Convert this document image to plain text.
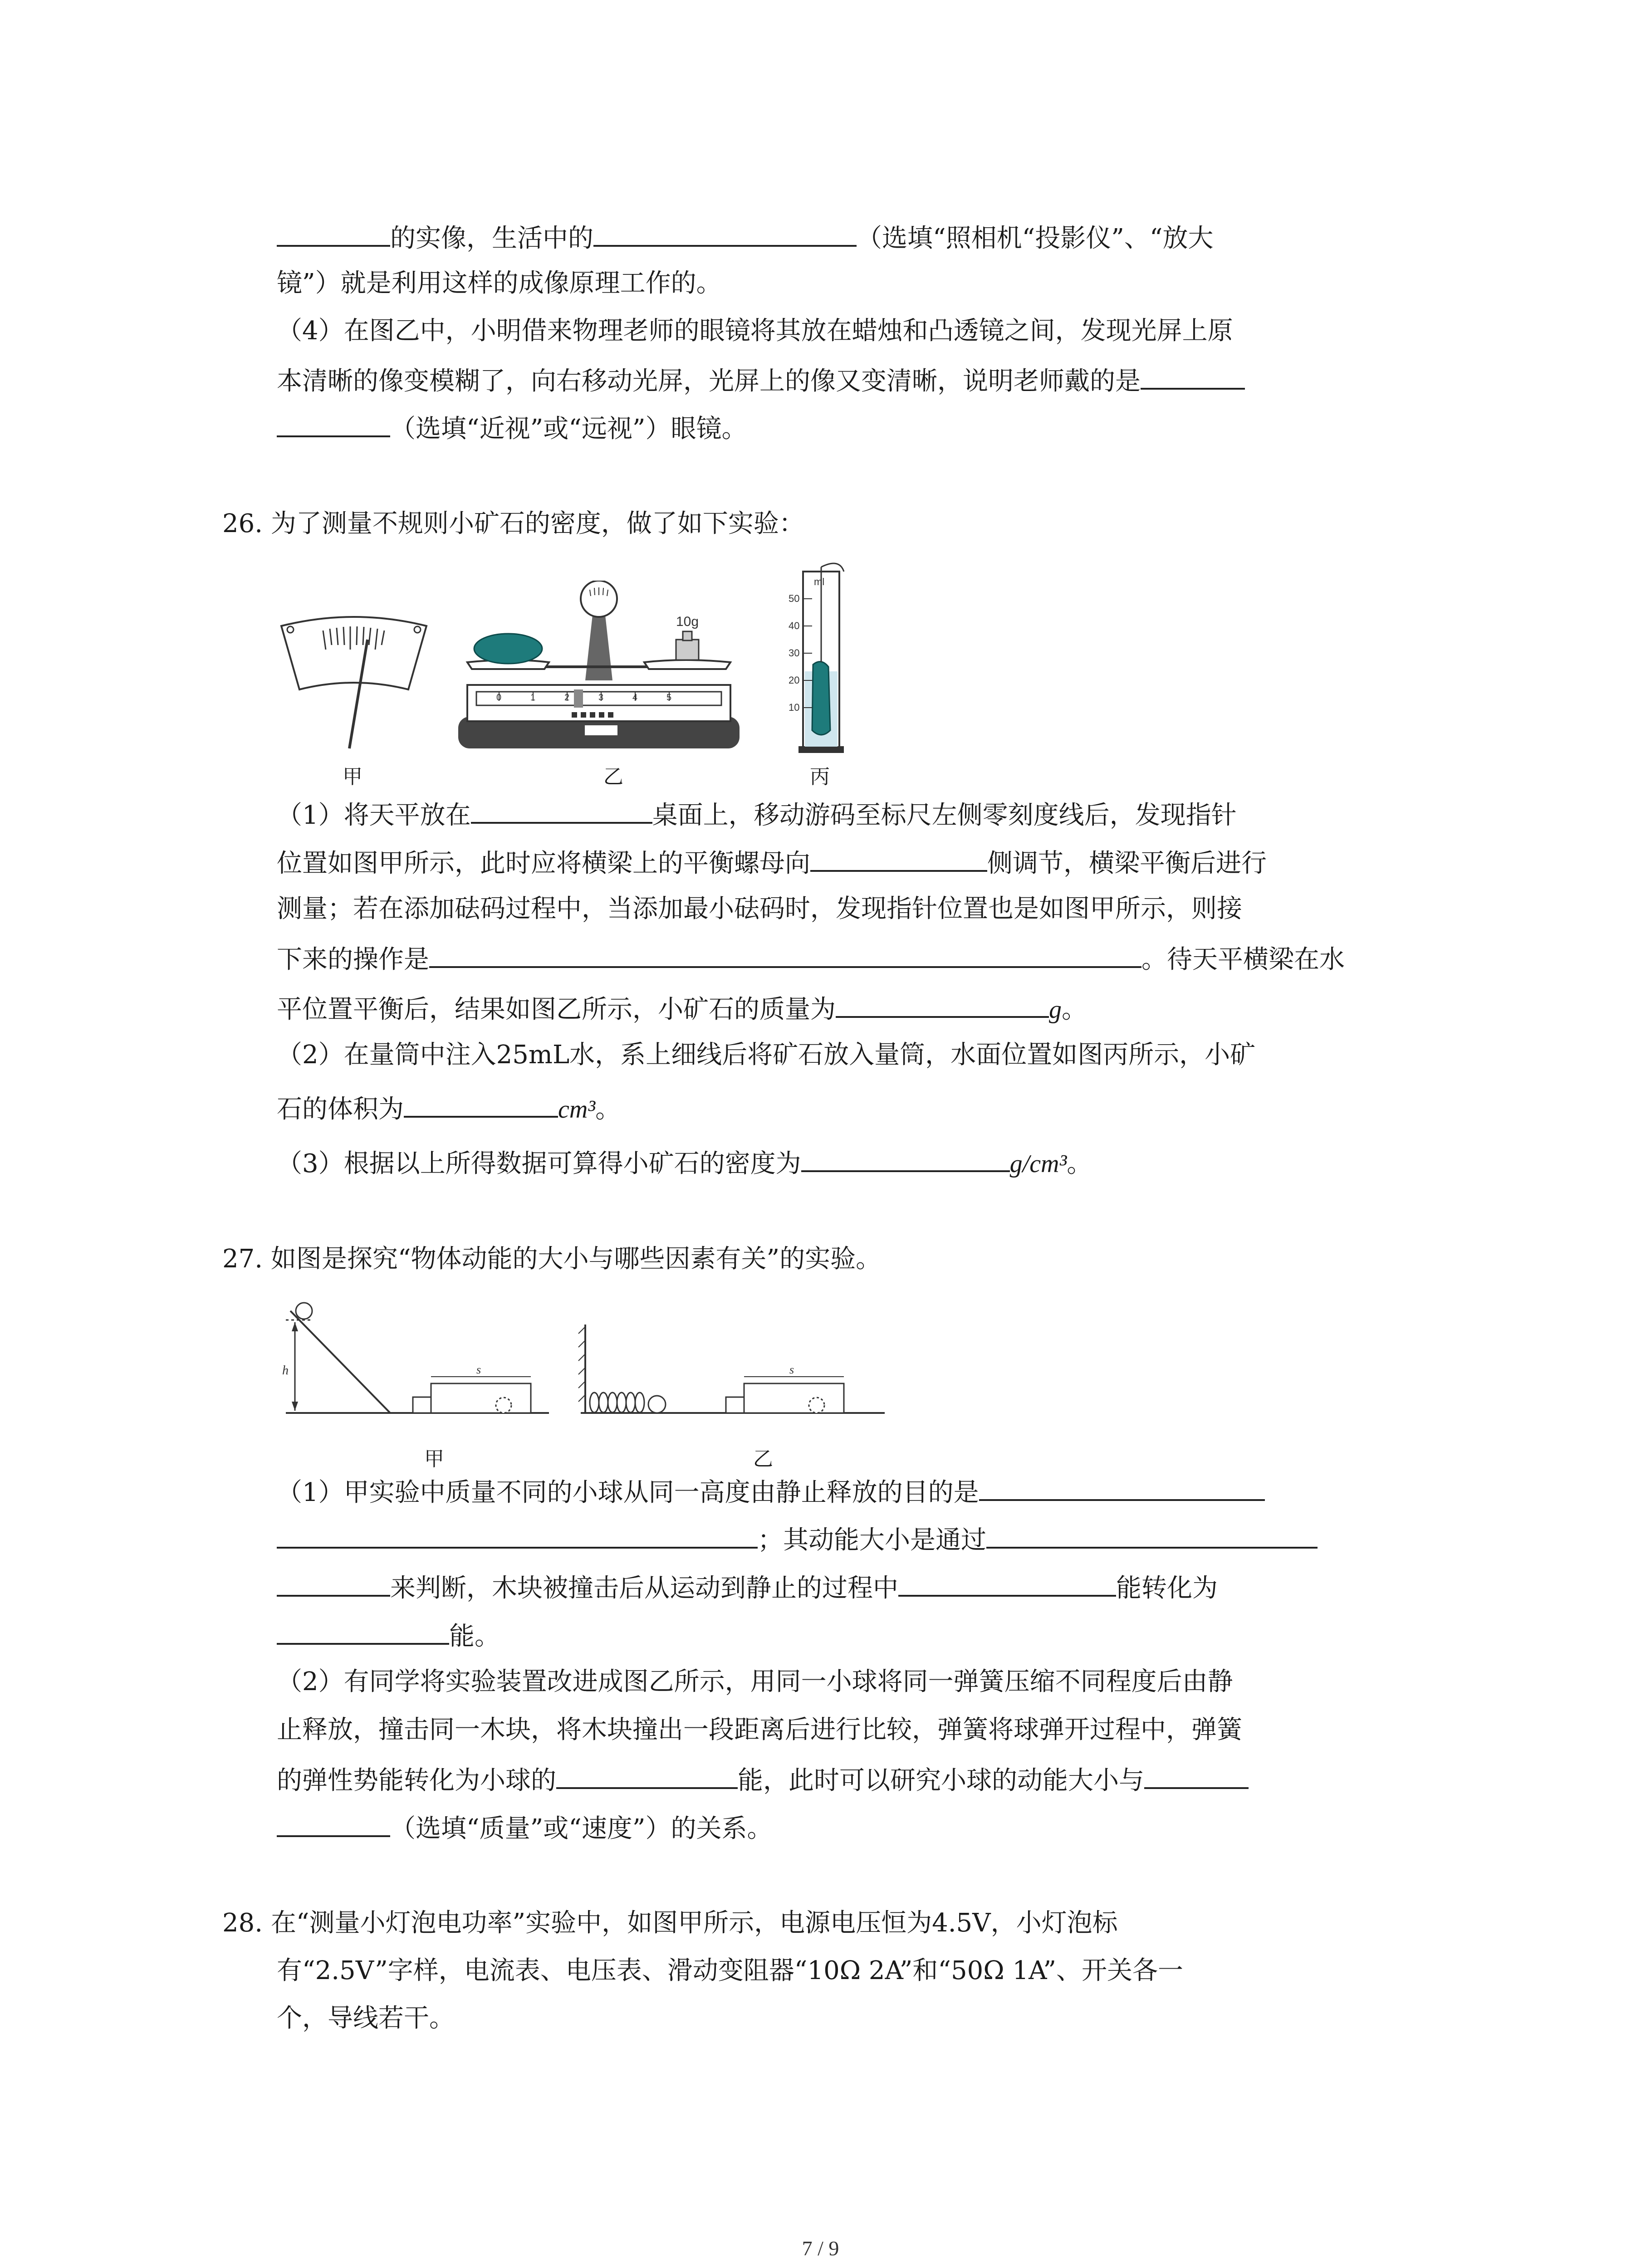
的实像，生活中的	（选填“照相机“投影仪”、“放大
镜”）就是利用这样的成像原理工作的。
（4）在图乙中，小明借来物理老师的眼镜将其放在蜡烛和凸透镜之间，发现光屏上原
本清晰的像变模糊了，向右移动光屏，光屏上的像又变清晰，说明老师戴的是
（选填“近视”或“远视”）眼镜。
26. 为了测量不规则小矿石的密度，做了如下实验：
甲
0	1	2	3	4	5
10g
乙
50
40
30
20
10
ml
丙
（1）将天平放在	桌面上，移动游码至标尺左侧零刻度线后，发现指针
位置如图甲所示，此时应将横梁上的平衡螺母向	侧调节，横梁平衡后进行
测量；若在添加砝码过程中，当添加最小砝码时，发现指针位置也是如图甲所示，则接
下来的操作是	。待天平横梁在水
平位置平衡后，结果如图乙所示，小矿石的质量为	g。
（2）在量筒中注入25mL水，系上细线后将矿石放入量筒，水面位置如图丙所示，小矿
石的体积为	cm³。
（3）根据以上所得数据可算得小矿石的密度为	g/cm³。
27. 如图是探究“物体动能的大小与哪些因素有关”的实验。
h	s	s
甲	乙
（1）甲实验中质量不同的小球从同一高度由静止释放的目的是
；其动能大小是通过
来判断，木块被撞击后从运动到静止的过程中	能转化为
能。
（2）有同学将实验装置改进成图乙所示，用同一小球将同一弹簧压缩不同程度后由静
止释放，撞击同一木块，将木块撞出一段距离后进行比较，弹簧将球弹开过程中，弹簧
的弹性势能转化为小球的	能，此时可以研究小球的动能大小与
（选填“质量”或“速度”）的关系。
28. 在“测量小灯泡电功率”实验中，如图甲所示，电源电压恒为4.5V，小灯泡标
有“2.5V”字样，电流表、电压表、滑动变阻器“10Ω 2A”和“50Ω 1A”、开关各一
个，导线若干。
7 / 9
